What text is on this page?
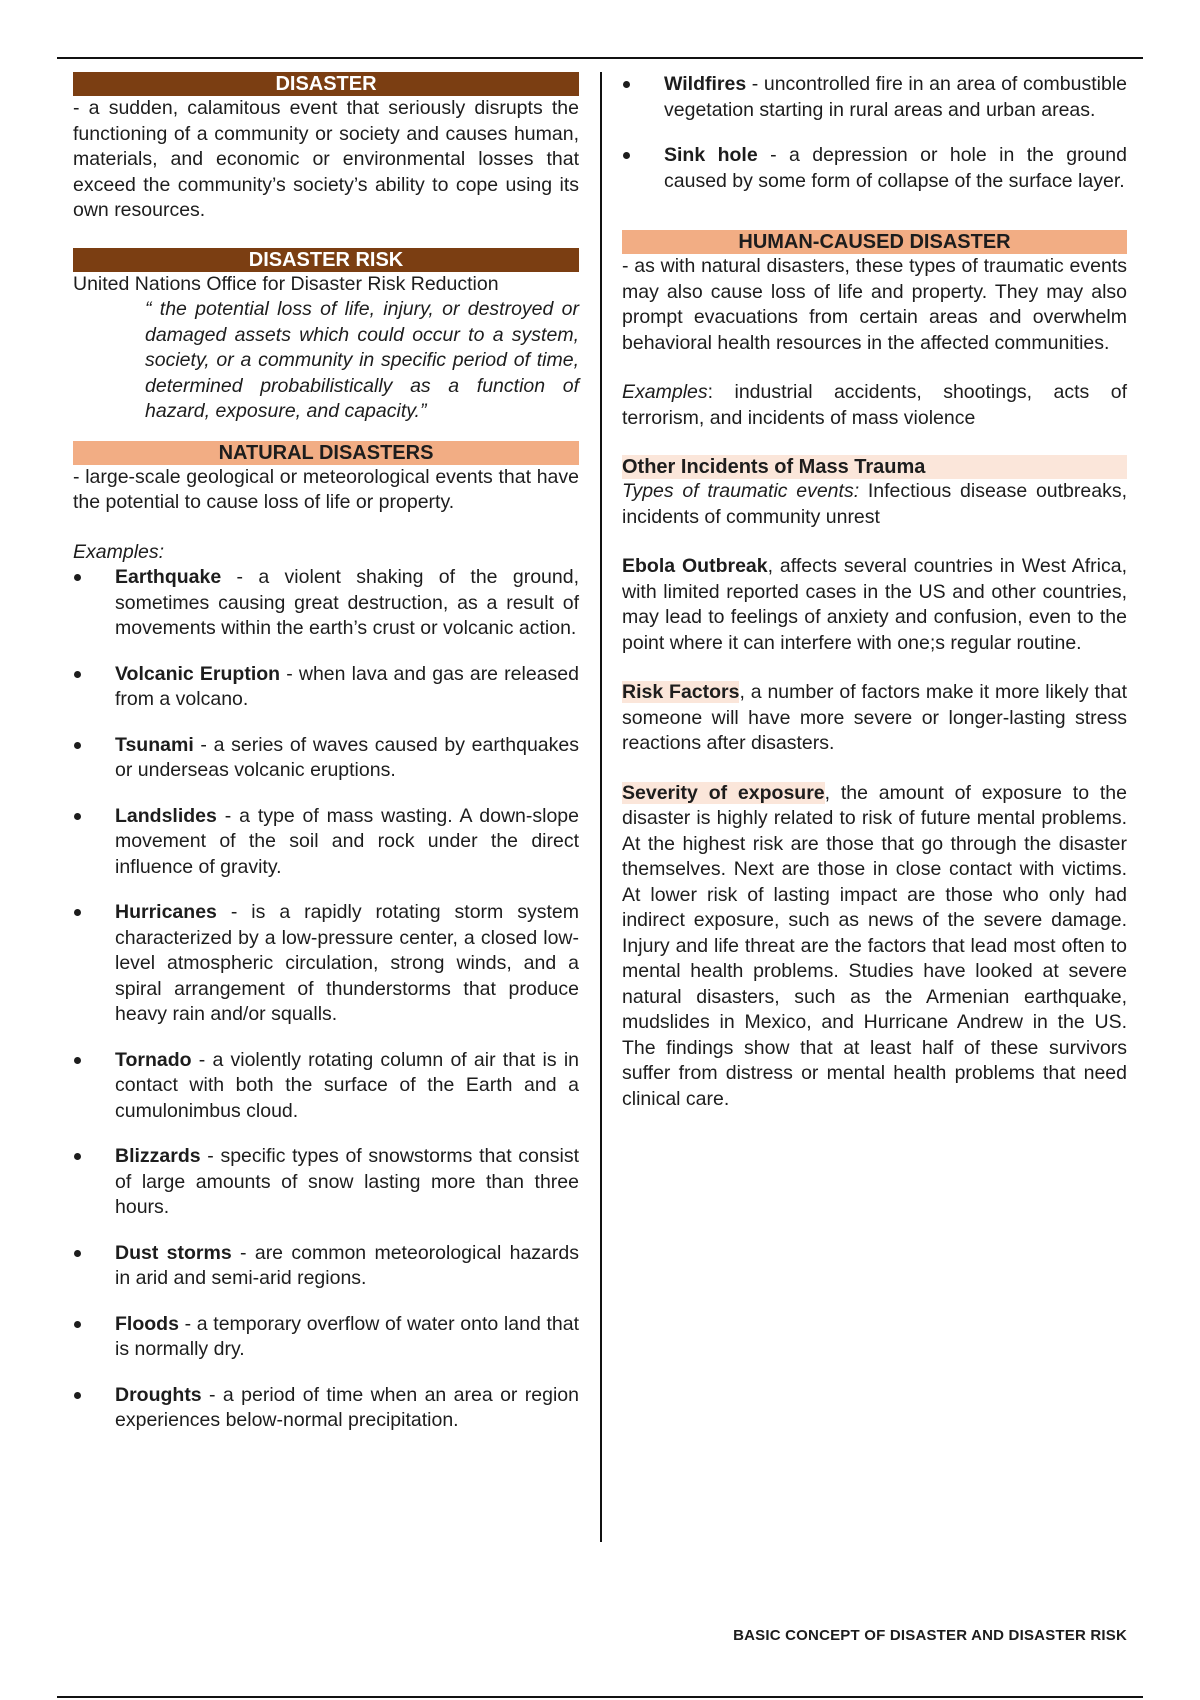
DISASTER

- a sudden, calamitous event that seriously disrupts the functioning of a community or society and causes human, materials, and economic or environmental losses that exceed the community’s society’s ability to cope using its own resources.

DISASTER RISK

United Nations Office for Disaster Risk Reduction

“ the potential loss of life, injury, or destroyed or damaged assets which could occur to a system, society, or a community in specific period of time, determined probabilistically as a function of hazard, exposure, and capacity.”

NATURAL DISASTERS

- large-scale geological or meteorological events that have the potential to cause loss of life or property.

Examples:

Earthquake - a violent shaking of the ground, sometimes causing great destruction, as a result of movements within the earth’s crust or volcanic action.
Volcanic Eruption - when lava and gas are released from a volcano.
Tsunami - a series of waves caused by earthquakes or underseas volcanic eruptions.
Landslides - a type of mass wasting. A down-slope movement of the soil and rock under the direct influence of gravity.
Hurricanes - is a rapidly rotating storm system characterized by a low-pressure center, a closed low-level atmospheric circulation, strong winds, and a spiral arrangement of thunderstorms that produce heavy rain and/or squalls.
Tornado - a violently rotating column of air that is in contact with both the surface of the Earth and a cumulonimbus cloud.
Blizzards - specific types of snowstorms that consist of large amounts of snow lasting more than three hours.
Dust storms - are common meteorological hazards in arid and semi-arid regions.
Floods - a temporary overflow of water onto land that is normally dry.
Droughts - a period of time when an area or region experiences below-normal precipitation.
Wildfires - uncontrolled fire in an area of combustible vegetation starting in rural areas and urban areas.
Sink hole - a depression or hole in the ground caused by some form of collapse of the surface layer.
HUMAN-CAUSED DISASTER

- as with natural disasters, these types of traumatic events may also cause loss of life and property. They may also prompt evacuations from certain areas and overwhelm behavioral health resources in the affected communities.

Examples: industrial accidents, shootings, acts of terrorism, and incidents of mass violence

Other Incidents of Mass Trauma

Types of traumatic events: Infectious disease outbreaks, incidents of community unrest

Ebola Outbreak, affects several countries in West Africa, with limited reported cases in the US and other countries, may lead to feelings of anxiety and confusion, even to the point where it can interfere with one;s regular routine.

Risk Factors, a number of factors make it more likely that someone will have more severe or longer-lasting stress reactions after disasters.

Severity of exposure, the amount of exposure to the disaster is highly related to risk of future mental problems. At the highest risk are those that go through the disaster themselves. Next are those in close contact with victims. At lower risk of lasting impact are those who only had indirect exposure, such as news of the severe damage. Injury and life threat are the factors that lead most often to mental health problems. Studies have looked at severe natural disasters, such as the Armenian earthquake, mudslides in Mexico, and Hurricane Andrew in the US. The findings show that at least half of these survivors suffer from distress or mental health problems that need clinical care.

BASIC CONCEPT OF DISASTER AND DISASTER RISK
